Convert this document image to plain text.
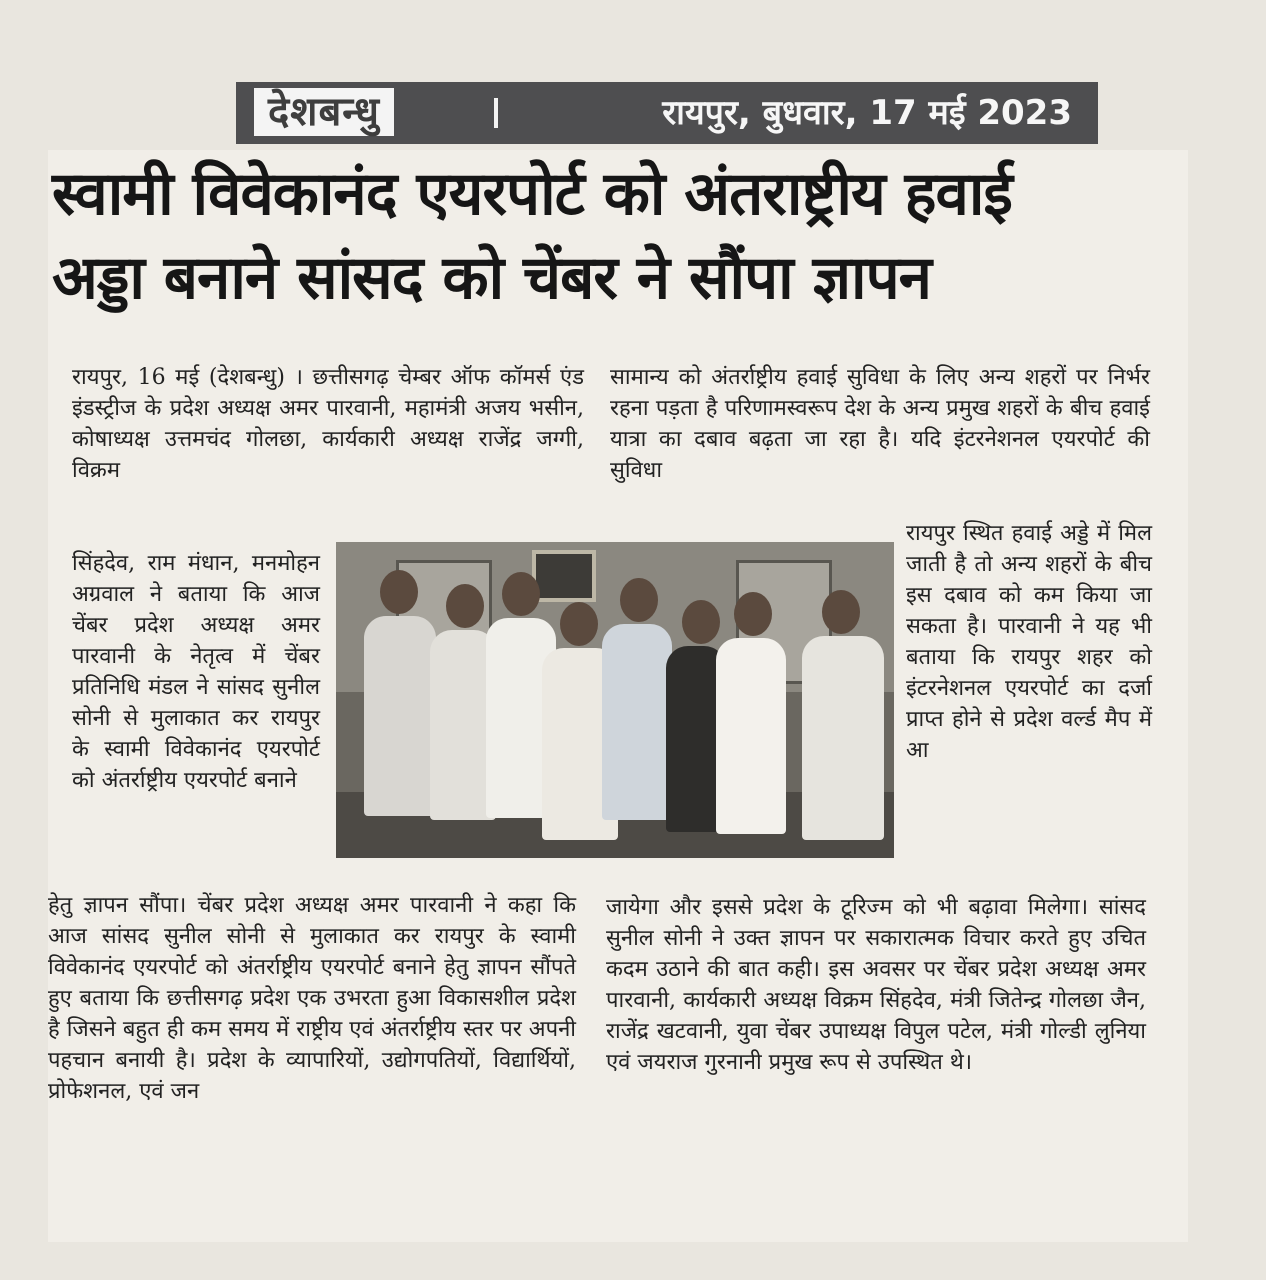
देशबन्धु	रायपुर, बुधवार, 17 मई 2023
स्वामी विवेकानंद एयरपोर्ट को अंतराष्ट्रीय हवाई
अड्डा बनाने सांसद को चेंबर ने सौंपा ज्ञापन

रायपुर, 16 मई (देशबन्धु) । छत्तीसगढ़ चेम्बर ऑफ कॉमर्स एंड इंडस्ट्रीज के प्रदेश अध्यक्ष अमर पारवानी, महामंत्री अजय भसीन, कोषाध्यक्ष उत्तमचंद गोलछा, कार्यकारी अध्यक्ष राजेंद्र जग्गी, विक्रम

सिंहदेव, राम मंधान, मनमोहन अग्रवाल ने बताया कि आज चेंबर प्रदेश अध्यक्ष अमर पारवानी के नेतृत्व में चेंबर प्रतिनिधि मंडल ने सांसद सुनील सोनी से मुलाकात कर रायपुर के स्वामी विवेकानंद एयरपोर्ट को अंतर्राष्ट्रीय एयरपोर्ट बनाने

हेतु ज्ञापन सौंपा। चेंबर प्रदेश अध्यक्ष अमर पारवानी ने कहा कि आज सांसद सुनील सोनी से मुलाकात कर रायपुर के स्वामी विवेकानंद एयरपोर्ट को अंतर्राष्ट्रीय एयरपोर्ट बनाने हेतु ज्ञापन सौंपते हुए बताया कि छत्तीसगढ़ प्रदेश एक उभरता हुआ विकासशील प्रदेश है जिसने बहुत ही कम समय में राष्ट्रीय एवं अंतर्राष्ट्रीय स्तर पर अपनी पहचान बनायी है। प्रदेश के व्यापारियों, उद्योगपतियों, विद्यार्थियों, प्रोफेशनल, एवं जन

सामान्य को अंतर्राष्ट्रीय हवाई सुविधा के लिए अन्य शहरों पर निर्भर रहना पड़ता है परिणामस्वरूप देश के अन्य प्रमुख शहरों के बीच हवाई यात्रा का दबाव बढ़ता जा रहा है। यदि इंटरनेशनल एयरपोर्ट की सुविधा

रायपुर स्थित हवाई अड्डे में मिल जाती है तो अन्य शहरों के बीच इस दबाव को कम किया जा सकता है। पारवानी ने यह भी बताया कि रायपुर शहर को इंटरनेशनल एयरपोर्ट का दर्जा प्राप्त होने से प्रदेश वर्ल्ड मैप में आ

जायेगा और इससे प्रदेश के टूरिज्म को भी बढ़ावा मिलेगा। सांसद सुनील सोनी ने उक्त ज्ञापन पर सकारात्मक विचार करते हुए उचित कदम उठाने की बात कही। इस अवसर पर चेंबर प्रदेश अध्यक्ष अमर पारवानी, कार्यकारी अध्यक्ष विक्रम सिंहदेव, मंत्री जितेन्द्र गोलछा जैन, राजेंद्र खटवानी, युवा चेंबर उपाध्यक्ष विपुल पटेल, मंत्री गोल्डी लुनिया एवं जयराज गुरनानी प्रमुख रूप से उपस्थित थे।
